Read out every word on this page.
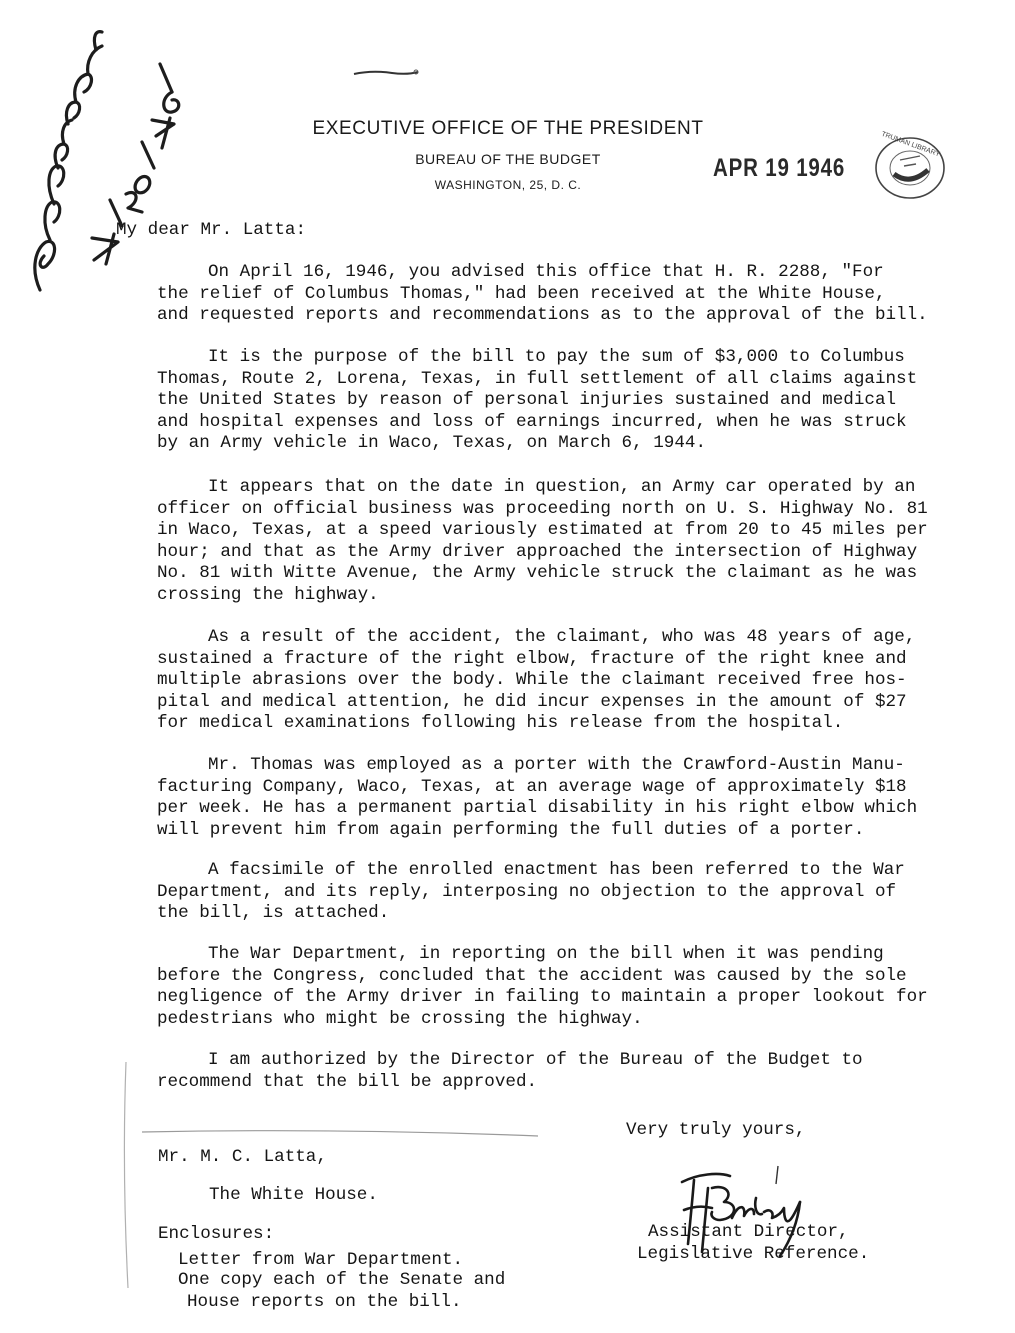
EXECUTIVE OFFICE OF THE PRESIDENT
BUREAU OF THE BUDGET
WASHINGTON, 25, D. C.
APR 19 1946
TRUMAN LIBRARY
My dear Mr. Latta:
On April 16, 1946, you advised this office that H. R. 2288, "For
the relief of Columbus Thomas," had been received at the White House,
and requested reports and recommendations as to the approval of the bill.
It is the purpose of the bill to pay the sum of $3,000 to Columbus
Thomas, Route 2, Lorena, Texas, in full settlement of all claims against
the United States by reason of personal injuries sustained and medical
and hospital expenses and loss of earnings incurred, when he was struck
by an Army vehicle in Waco, Texas, on March 6, 1944.
It appears that on the date in question, an Army car operated by an
officer on official business was proceeding north on U. S. Highway No. 81
in Waco, Texas, at a speed variously estimated at from 20 to 45 miles per
hour; and that as the Army driver approached the intersection of Highway
No. 81 with Witte Avenue, the Army vehicle struck the claimant as he was
crossing the highway.
As a result of the accident, the claimant, who was 48 years of age,
sustained a fracture of the right elbow, fracture of the right knee and
multiple abrasions over the body. While the claimant received free hos-
pital and medical attention, he did incur expenses in the amount of $27
for medical examinations following his release from the hospital.
Mr. Thomas was employed as a porter with the Crawford-Austin Manu-
facturing Company, Waco, Texas, at an average wage of approximately $18
per week. He has a permanent partial disability in his right elbow which
will prevent him from again performing the full duties of a porter.
A facsimile of the enrolled enactment has been referred to the War
Department, and its reply, interposing no objection to the approval of
the bill, is attached.
The War Department, in reporting on the bill when it was pending
before the Congress, concluded that the accident was caused by the sole
negligence of the Army driver in failing to maintain a proper lookout for
pedestrians who might be crossing the highway.
I am authorized by the Director of the Bureau of the Budget to
recommend that the bill be approved.
Very truly yours,
Mr. M. C. Latta,
The White House.
Assistant Director,
Legislative Reference.
Enclosures:
Letter from War Department.
One copy each of the Senate and
House reports on the bill.
